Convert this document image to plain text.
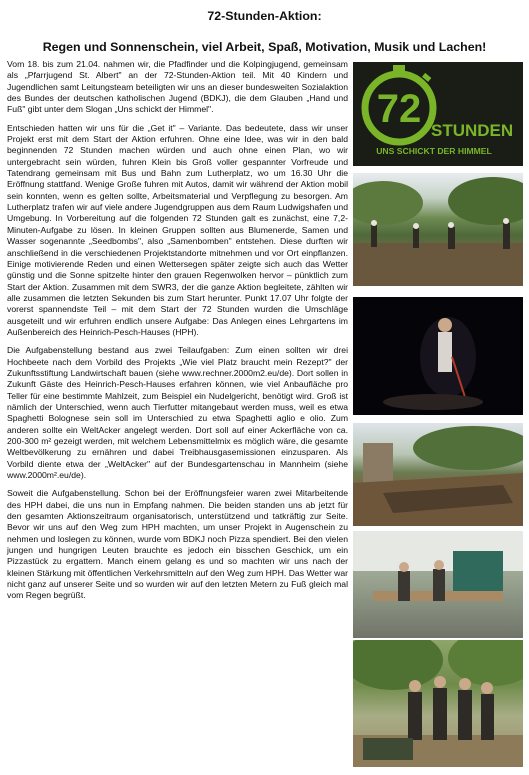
72-Stunden-Aktion:
Regen und Sonnenschein, viel Arbeit, Spaß, Motivation, Musik und Lachen!

Vom 18. bis zum 21.04. nahmen wir, die Pfadfinder und die Kolpingjugend, gemeinsam als „Pfarrjugend St. Albert" an der 72-Stunden-Aktion teil. Mit 40 Kindern und Jugendlichen samt Leitungsteam beteiligten wir uns an dieser bundesweiten Sozialaktion des Bundes der deutschen katholischen Jugend (BDKJ), die dem Glauben „Hand und Fuß" gibt unter dem Slogan „Uns schickt der Himmel".

Entschieden hatten wir uns für die „Get it" – Variante. Das bedeutete, dass wir unser Projekt erst mit dem Start der Aktion erfuhren. Ohne eine Idee, was wir in den bald beginnenden 72 Stunden machen würden und auch ohne einen Plan, wo wir untergebracht sein würden, fuhren Klein bis Groß voller gespannter Vorfreude und Tatendrang gemeinsam mit Bus und Bahn zum Lutherplatz, wo um 16.30 Uhr die Eröffnung stattfand. Wenige Große fuhren mit Autos, damit wir während der Aktion mobil sein konnten, wenn es gelten sollte, Arbeitsmaterial und Verpflegung zu besorgen. Am Lutherplatz trafen wir auf viele andere Jugendgruppen aus dem Raum Ludwigshafen und Umgebung. In Vorbereitung auf die folgenden 72 Stunden galt es zunächst, eine 7,2-Minuten-Aufgabe zu lösen. In kleinen Gruppen sollten aus Blumenerde, Samen und Wasser sogenannte „Seedbombs", also „Samenbomben" entstehen. Diese durften wir anschließend in die verschiedenen Projektstandorte mitnehmen und vor Ort einpflanzen. Einige motivierende Reden und einen Wettersegen später zeigte sich auch das Wetter günstig und die Sonne spitzelte hinter den grauen Regenwolken hervor – pünktlich zum Start der Aktion. Zusammen mit dem SWR3, der die ganze Aktion begleitete, zählten wir alle zusammen die letzten Sekunden bis zum Start herunter. Punkt 17.07 Uhr folgte der vorerst spannendste Teil – mit dem Start der 72 Stunden wurden die Umschläge ausgeteilt und wir erfuhren endlich unsere Aufgabe: Das Anlegen eines Lehrgartens im Außenbereich des Heinrich-Pesch-Hauses (HPH).

Die Aufgabenstellung bestand aus zwei Teilaufgaben: Zum einen sollten wir drei Hochbeete nach dem Vorbild des Projekts „Wie viel Platz braucht mein Rezept?" der Zukunftsstiftung Landwirtschaft bauen (siehe www.rechner.2000m2.eu/de). Dort sollen in Zukunft Gäste des Heinrich-Pesch-Hauses erfahren können, wie viel Anbaufläche pro Teller für eine bestimmte Mahlzeit, zum Beispiel ein Nudelgericht, benötigt wird. Groß ist nämlich der Unterschied, wenn auch Tierfutter mitangebaut werden muss, weil es etwa Spaghetti Bolognese sein soll im Unterschied zu etwa Spaghetti aglio e olio. Zum anderen sollte ein WeltAcker angelegt werden. Dort soll auf einer Ackerfläche von ca. 200-300 m² gezeigt werden, mit welchem Lebensmittelmix es möglich wäre, die gesamte Weltbevölkerung zu ernähren und dabei Treibhausgasemissionen einzusparen. Als Vorbild diente etwa der „WeltAcker" auf der Bundesgartenschau in Mannheim (siehe www.2000m².eu/de).

Soweit die Aufgabenstellung. Schon bei der Eröffnungsfeier waren zwei Mitarbeitende des HPH dabei, die uns nun in Empfang nahmen. Die beiden standen uns ab jetzt für den gesamten Aktionszeitraum organisatorisch, unterstützend und tatkräftig zur Seite. Bevor wir uns auf den Weg zum HPH machten, um unser Projekt in Augenschein zu nehmen und loslegen zu können, wurde vom BDKJ noch Pizza spendiert. Bei den vielen jungen und hungrigen Leuten brauchte es jedoch ein bisschen Geschick, um ein Pizzastück zu ergattern. Manch einem gelang es und so machten wir uns nach der kleinen Stärkung mit öffentlichen Verkehrsmitteln auf den Weg zum HPH. Das Wetter war nicht ganz auf unserer Seite und so wurden wir auf den letzten Metern zu Fuß gleich mal vom Regen begrüßt.

72 STUNDEN
UNS SCHICKT DER HIMMEL
